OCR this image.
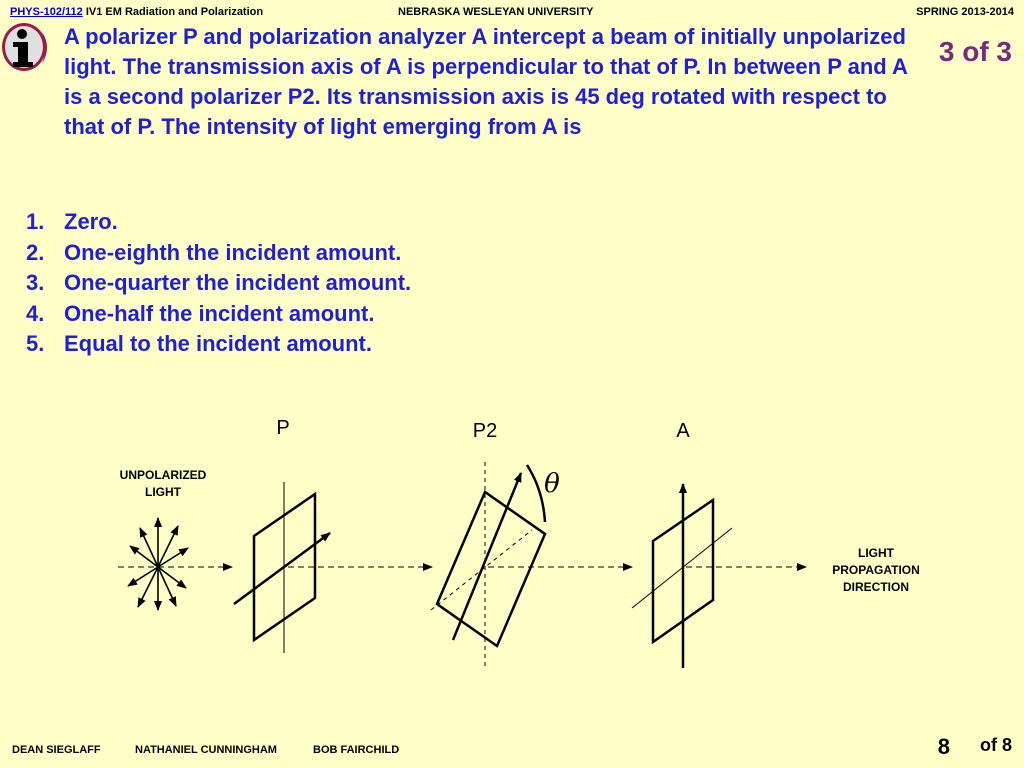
PHYS-102/112 IV1 EM Radiation and Polarization	NEBRASKA WESLEYAN UNIVERSITY	SPRING 2013-2014
3 of 3
A polarizer P and polarization analyzer A intercept a beam of initially unpolarized light. The transmission axis of A is perpendicular to that of P. In between P and A is a second polarizer P2. Its transmission axis is 45 deg rotated with respect to that of P. The intensity of light emerging from A is
1. Zero.
2. One-eighth the incident amount.
3. One-quarter the incident amount.
4. One-half the incident amount.
5. Equal to the incident amount.
UNPOLARIZED
LIGHT
P	P2
θ
A
LIGHT
PROPAGATION
DIRECTION
DEAN SIEGLAFF	NATHANIEL CUNNINGHAM	BOB FAIRCHILD	8 of 8
